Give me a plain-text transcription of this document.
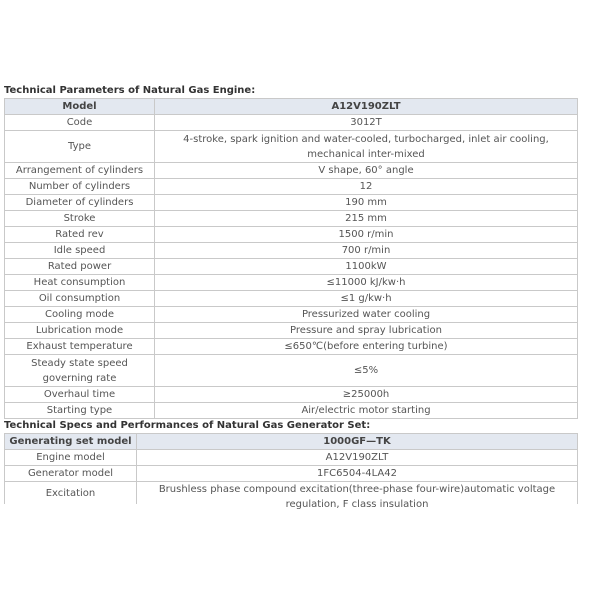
Technical Parameters of Natural Gas Engine:
Model	A12V190ZLT
Code	3012T
Type	4-stroke, spark ignition and water-cooled, turbocharged, inlet air cooling, mechanical inter-mixed
Arrangement of cylinders	V shape, 60° angle
Number of cylinders	12
Diameter of cylinders	190 mm
Stroke	215 mm
Rated rev	1500 r/min
Idle speed	700 r/min
Rated power	1100kW
Heat consumption	≤11000 kJ/kw·h
Oil consumption	≤1 g/kw·h
Cooling mode	Pressurized water cooling
Lubrication mode	Pressure and spray lubrication
Exhaust temperature	≤650℃(before entering turbine)
Steady state speed governing rate	≤5%
Overhaul time	≥25000h
Starting type	Air/electric motor starting
Technical Specs and Performances of Natural Gas Generator Set:
Generating set model	1000GF—TK
Engine model	A12V190ZLT
Generator model	1FC6504-4LA42
Excitation	Brushless phase compound excitation(three-phase four-wire)automatic voltage regulation, F class insulation
